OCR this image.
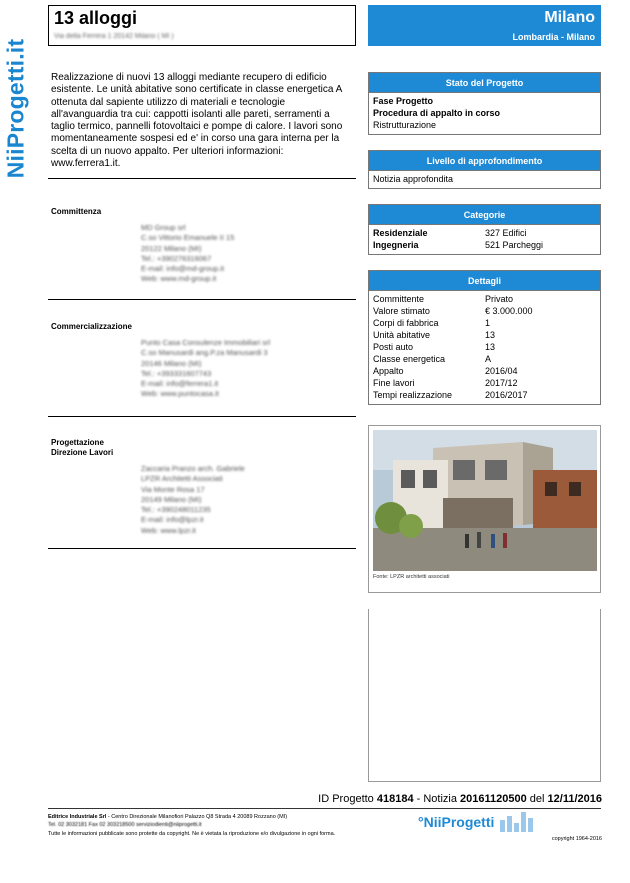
NiiProgetti.it
13 alloggi
Via della Ferrera 1 20142 Milano ( MI )
Milano
Lombardia - Milano
Realizzazione di nuovi 13 alloggi mediante recupero di edificio esistente. Le unità abitative sono certificate in classe energetica A ottenuta dal sapiente utilizzo di materiali e tecnologie all'avanguardia tra cui: cappotti isolanti alle pareti, serramenti a taglio termico, pannelli fotovoltaici e pompe di calore. I lavori sono momentaneamente sospesi ed e' in corso una gara interna per la scelta di un nuovo appalto. Per ulteriori informazioni: www.ferrera1.it.
Committenza
MD Group srl
C.so Vittorio Emanuele II 15
20122 Milano (MI)
Tel.: +390276316067
E-mail: info@md-group.it
Web: www.md-group.it
Commercializzazione
Punto Casa Consulenze Immobiliari srl
C.so Manusardi ang.P.za Manusardi 3
20146 Milano (MI)
Tel.: +393331607743
E-mail: info@ferrera1.it
Web: www.puntocasa.it
Progettazione
Direzione Lavori
Zaccaria Pranzo arch. Gabriele
LPZR Architetti Associati
Via Monte Rosa 17
20149 Milano (MI)
Tel.: +390248011235
E-mail: info@lpzr.it
Web: www.lpzr.it
Stato del Progetto
Fase Progetto
Procedura di appalto in corso
Ristrutturazione
Livello di approfondimento
Notizia approfondita
Categorie
Residenziale	327 Edifici
Ingegneria	521 Parcheggi
Dettagli
Committente	Privato
Valore stimato	€ 3.000.000
Corpi di fabbrica	1
Unità abitative	13
Posti auto	13
Classe energetica	A
Appalto	2016/04
Fine lavori	2017/12
Tempi realizzazione	2016/2017
Fonte: LPZR architetti associati
ID Progetto 418184 - Notizia 20161120500 del 12/11/2016
Editrice Industriale Srl - Centro Direzionale Milanofiori Palazzo Q8 Strada 4 20089 Rozzano (MI)
Tel. 02 3032181 Fax 02 303218500 serviziodienti@niiprogetti.it
Tutte le informazioni pubblicate sono protette da copyright. Ne è vietata la riproduzione e/o divulgazione in ogni forma.
°NiiProgetti
copyright 1964-2016
